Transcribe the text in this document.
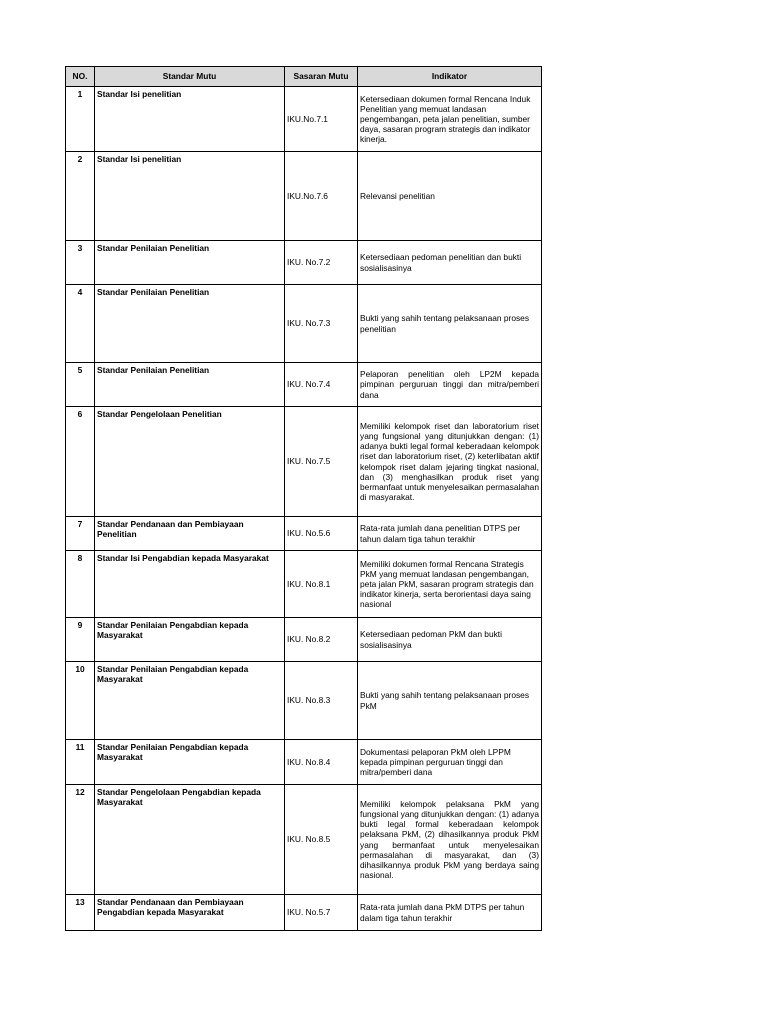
NO.	Standar Mutu	Sasaran Mutu	Indikator
1	Standar Isi penelitian	IKU.No.7.1	Ketersediaan dokumen formal Rencana Induk Penelitian yang memuat landasan pengembangan, peta jalan penelitian, sumber daya, sasaran program strategis dan indikator kinerja.
2	Standar Isi penelitian	IKU.No.7.6	Relevansi penelitian
3	Standar Penilaian Penelitian	IKU. No.7.2	Ketersediaan pedoman penelitian dan bukti sosialisasinya
4	Standar Penilaian Penelitian	IKU. No.7.3	Bukti yang sahih tentang pelaksanaan proses penelitian
5	Standar Penilaian Penelitian	IKU. No.7.4	Pelaporan penelitian oleh LP2M kepada pimpinan perguruan tinggi dan mitra/pemberi dana
6	Standar Pengelolaan Penelitian	IKU. No.7.5	Memiliki kelompok riset dan laboratorium riset yang fungsional yang ditunjukkan dengan: (1) adanya bukti legal formal keberadaan kelompok riset dan laboratorium riset, (2) keterlibatan aktif kelompok riset dalam jejaring tingkat nasional, dan (3) menghasilkan produk riset yang bermanfaat untuk menyelesaikan permasalahan di masyarakat.
7	Standar Pendanaan dan Pembiayaan Penelitian	IKU. No.5.6	Rata-rata jumlah dana penelitian DTPS per tahun dalam tiga tahun terakhir
8	Standar Isi Pengabdian kepada Masyarakat	IKU. No.8.1	Memiliki dokumen formal Rencana Strategis PkM yang memuat landasan pengembangan, peta jalan PkM, sasaran program strategis dan indikator kinerja, serta berorientasi daya saing nasional
9	Standar Penilaian Pengabdian kepada Masyarakat	IKU. No.8.2	Ketersediaan pedoman PkM dan bukti sosialisasinya
10	Standar Penilaian Pengabdian kepada Masyarakat	IKU. No.8.3	Bukti yang sahih tentang pelaksanaan proses PkM
11	Standar Penilaian Pengabdian kepada Masyarakat	IKU. No.8.4	Dokumentasi pelaporan PkM oleh LPPM kepada pimpinan perguruan tinggi dan mitra/pemberi dana
12	Standar Pengelolaan Pengabdian kepada Masyarakat	IKU. No.8.5	Memiliki kelompok pelaksana PkM yang fungsional yang ditunjukkan dengan: (1) adanya bukti legal formal keberadaan kelompok pelaksana PkM, (2) dihasilkannya produk PkM yang bermanfaat untuk menyelesaikan permasalahan di masyarakat, dan (3) dihasilkannya produk PkM yang berdaya saing nasional.
13	Standar Pendanaan dan Pembiayaan Pengabdian kepada Masyarakat	IKU. No.5.7	Rata-rata jumlah dana PkM DTPS per tahun dalam tiga tahun terakhir
